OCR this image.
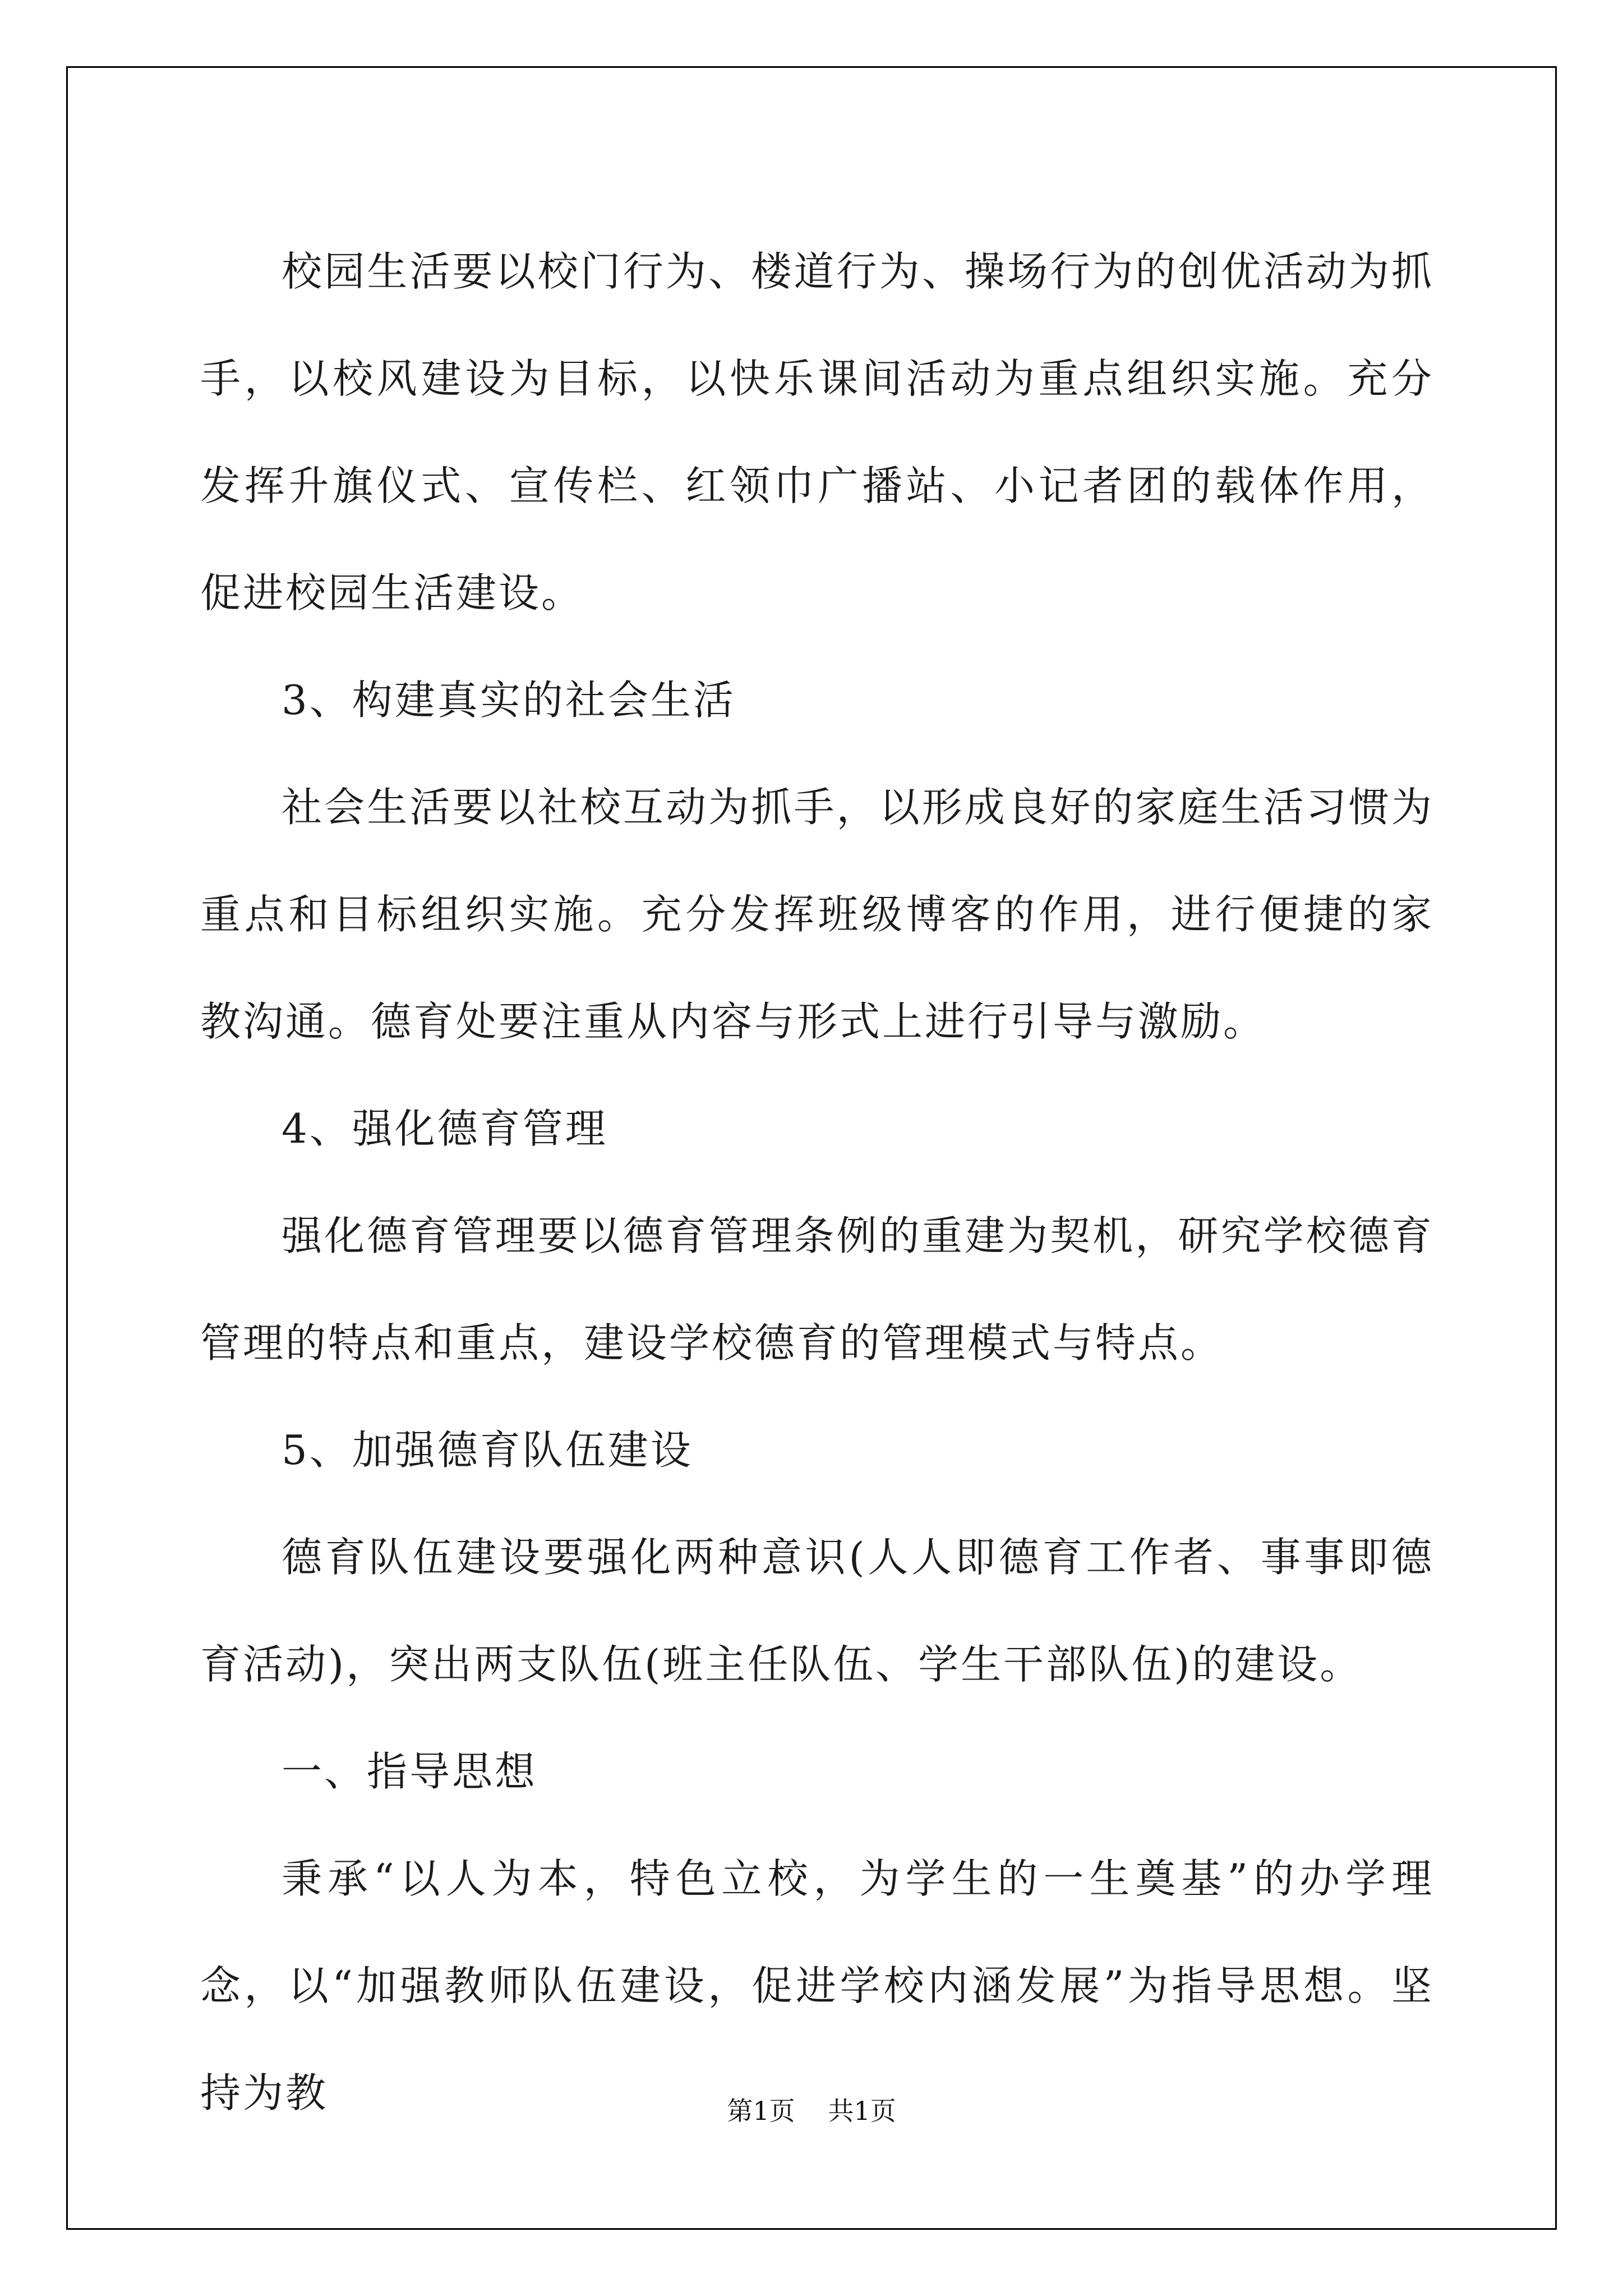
校园生活要以校门行为、楼道行为、操场行为的创优活动为抓手，以校风建设为目标，以快乐课间活动为重点组织实施。充分发挥升旗仪式、宣传栏、红领巾广播站、小记者团的载体作用，促进校园生活建设。

3、构建真实的社会生活

社会生活要以社校互动为抓手，以形成良好的家庭生活习惯为重点和目标组织实施。充分发挥班级博客的作用，进行便捷的家教沟通。德育处要注重从内容与形式上进行引导与激励。

4、强化德育管理

强化德育管理要以德育管理条例的重建为契机，研究学校德育管理的特点和重点，建设学校德育的管理模式与特点。

5、加强德育队伍建设

德育队伍建设要强化两种意识(人人即德育工作者、事事即德育活动)，突出两支队伍(班主任队伍、学生干部队伍)的建设。

一、指导思想

秉承“以人为本，特色立校，为学生的一生奠基”的办学理念，以“加强教师队伍建设，促进学校内涵发展”为指导思想。坚持为教	第1页 共1页
